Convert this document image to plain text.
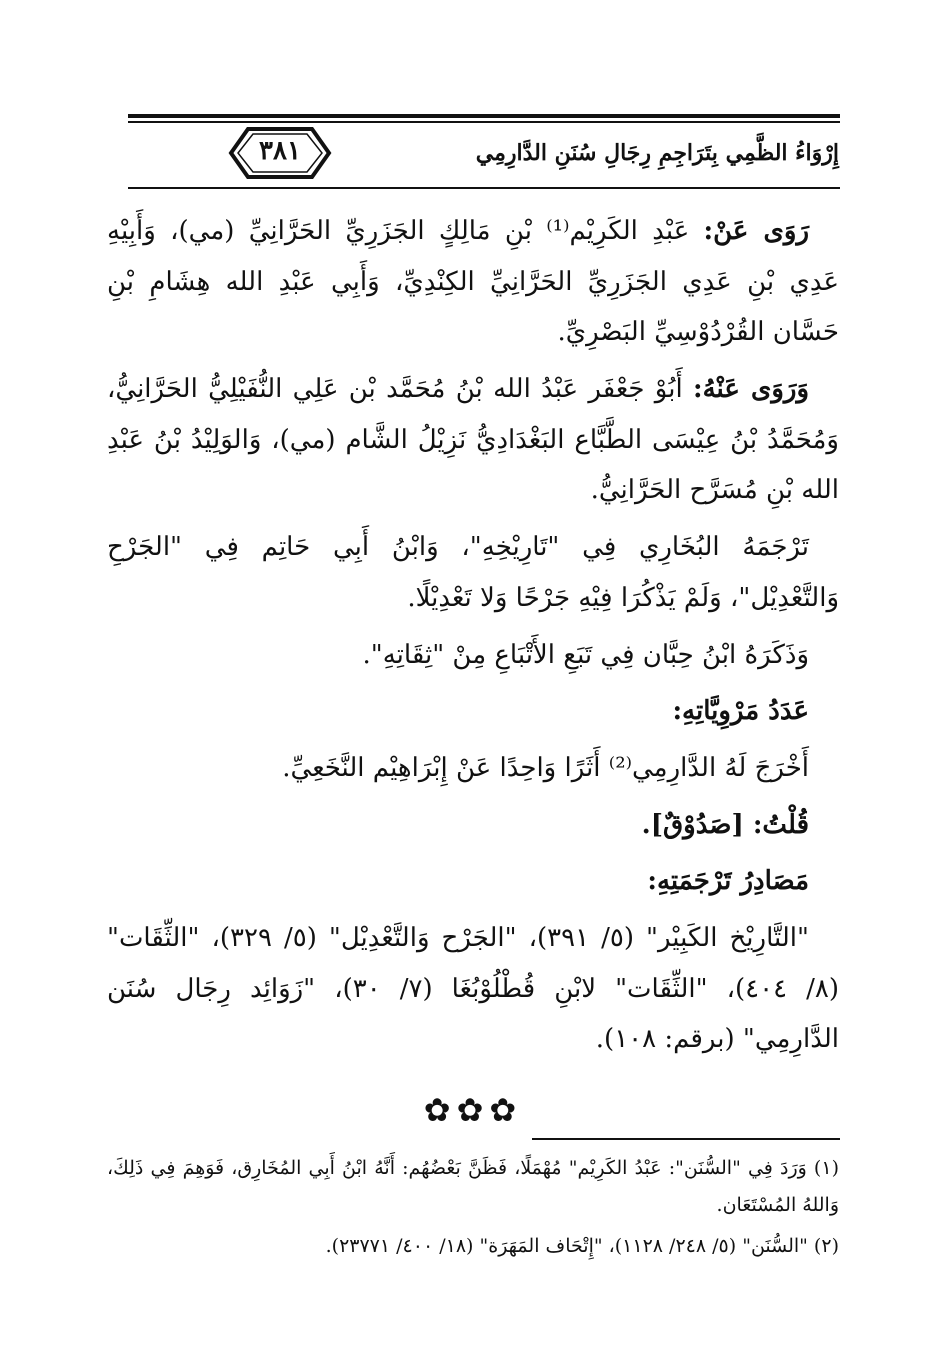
٣٨١	إِرْوَاءُ الظَّمِي بِتَرَاجِمِ رِجَالِ سُنَنِ الدَّارِمِي

رَوَى عَنْ: عَبْدِ الكَرِيْم⁽¹⁾ بْنِ مَالِكٍ الجَزَرِيِّ الحَرَّانِيِّ (مي)، وَأَبِيْهِ عَدِي بْنِ عَدِي الجَزَرِيِّ الحَرَّانِيِّ الكِنْدِيِّ، وَأَبِي عَبْدِ الله هِشَامِ بْنِ حَسَّان القُرْدُوْسِيِّ البَصْرِيِّ.

وَرَوَى عَنْهُ: أَبُوْ جَعْفَر عَبْدُ الله بْنُ مُحَمَّد بْن عَلِي النُّفَيْلِيُّ الحَرَّانِيُّ، وَمُحَمَّدُ بْنُ عِيْسَى الطَّبَّاع البَغْدَادِيُّ نَزِيْلُ الشَّام (مي)، وَالوَلِيْدُ بْنُ عَبْدِ الله بْنِ مُسَرَّح الحَرَّانِيُّ.

تَرْجَمَهُ البُخَارِي فِي "تَارِيْخِهِ"، وَابْنُ أَبِي حَاتِم فِي "الجَرْحِ وَالتَّعْدِيْل"، وَلَمْ يَذْكُرَا فِيْهِ جَرْحًا وَلا تَعْدِيْلًا.

وَذَكَرَهُ ابْنُ حِبَّان فِي تَبَعِ الأَتْبَاعِ مِنْ "ثِقَاتِهِ".

عَدَدُ مَرْوِيَّاتِهِ:

أَخْرَجَ لَهُ الدَّارِمِي⁽²⁾ أَثَرًا وَاحِدًا عَنْ إِبْرَاهِيْم النَّخَعِيِّ.

قُلْتُ: [صَدُوْقٌ].

مَصَادِرُ تَرْجَمَتِهِ:

"التَّارِيْخ الكَبِيْر" (٥/ ٣٩١)، "الجَرْح وَالتَّعْدِيْل" (٥/ ٣٢٩)، "الثِّقَات" (٨/ ٤٠٤)، "الثِّقَات" لابْنِ قُطْلُوْبُغَا (٧/ ٣٠)، "زَوَائِد رِجَال سُنَن الدَّارِمِي" (برقم: ١٠٨).

✿✿✿

(١) وَرَدَ فِي "السُّنَن": عَبْدُ الكَرِيْم" مُهْمَلًا، فَظَنَّ بَعْضُهُم: أَنَّهُ ابْنُ أَبِي المُخَارِق، فَوَهِمَ فِي ذَلِكَ، وَاللهُ المُسْتَعَان.

(٢) "السُّنَن" (٥/ ٢٤٨/ ١١٢٨)، "إِتْحَاف المَهَرَة" (١٨/ ٤٠٠/ ٢٣٧٧١).
